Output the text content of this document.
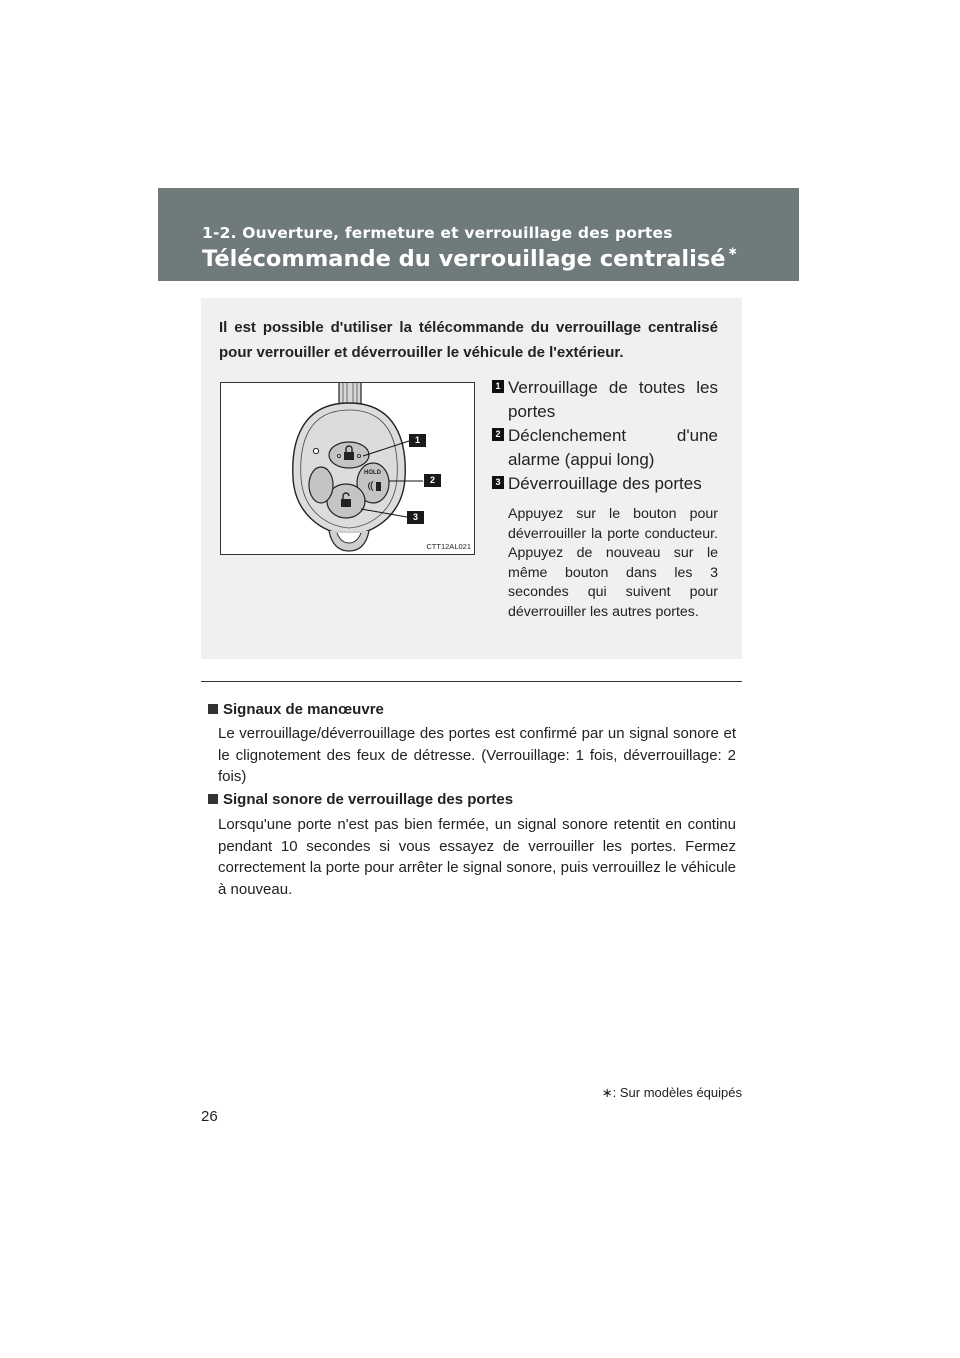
1-2. Ouverture, fermeture et verrouillage des portes
Télécommande du verrouillage centralisé ∗
Il est possible d'utiliser la télécommande du verrouillage centralisé pour verrouiller et déverrouiller le véhicule de l'extérieur.
HOLD
1
2
3
CTT12AL021
1 Verrouillage de toutes les portes
2 Déclenchement d'une alarme (appui long)
3 Déverrouillage des portes
Appuyez sur le bouton pour déverrouiller la porte conducteur. Appuyez de nouveau sur le même bouton dans les 3 secondes qui suivent pour déverrouiller les autres portes.
Signaux de manœuvre
Le verrouillage/déverrouillage des portes est confirmé par un signal sonore et le clignotement des feux de détresse. (Verrouillage: 1 fois, déverrouillage: 2 fois)
Signal sonore de verrouillage des portes
Lorsqu'une porte n'est pas bien fermée, un signal sonore retentit en continu pendant 10 secondes si vous essayez de verrouiller les portes. Fermez correctement la porte pour arrêter le signal sonore, puis verrouillez le véhicule à nouveau.
∗: Sur modèles équipés
26
